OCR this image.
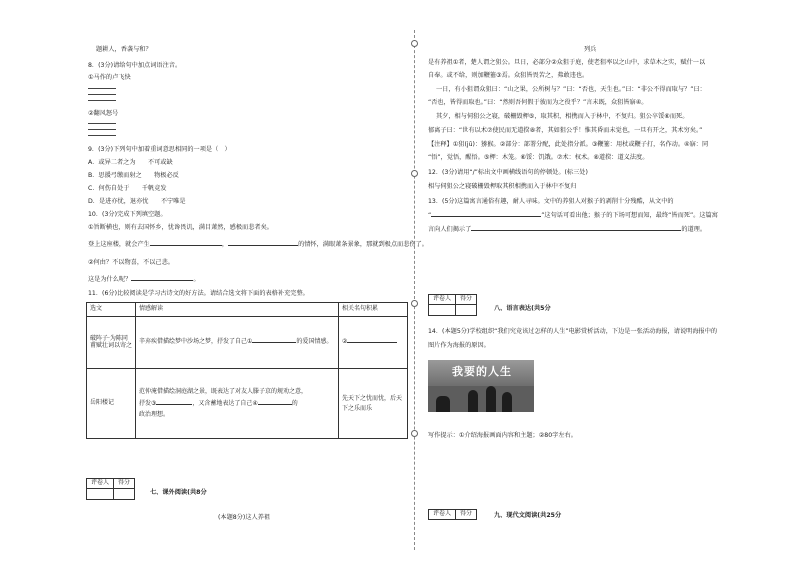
题耕人，香袭与和？
8．(3分)请给句中加点词语注音。
①马作的卢飞快
②翻风怒号
9．(3分)下列句中加着重词意思相同的一项是（　）
A．或异二者之为　　不可或缺
B．思援弓缴而射之　　物极必反
C．何伤自处于　　千帆竞发
D．是进亦忧，退亦忧　　不宁唯是
10．(3分)完成下列填空题。
①旨断横也，则有去国怀乡，忧谗畏讥，满目萧然，感极而悲者矣。
登上这座楼，就会产生	，	的情怀，满眼萧条景象，那就到极点而悲伤了。
②何由？不以物喜，不以己悲。
这是为什么呢？	。
11．(6分)比较阅读是学习古诗文的好方法。请结合选文将下面的表格补充完整。
选文	情感解读	相关名句积累
破阵子·为陈同甫赋壮词以寄之	辛弃疾借描绘梦中沙场之梦，抒发了自己① 的爱国情感。	②
岳阳楼记	范仲淹借描绘洞庭湖之景，既表达了对友人滕子京的规劝之意，
抒发③ ，又含蓄地表达了自己④ 的
政治理想。	先天下之忧而忧，后天下之乐而乐
评卷人	得分

七、课外阅读(共8分
(本题8分)这人养祖
列兵
是有养祖①者，楚人谓之狙公。旦日，必部分②众狙于庭，使老狙率以之山中，求草木之实，赋什一以
自奉。或不给，则加鞭箠③焉。众狙皆畏苦之，弗敢违也。
一日，有小狙谓众狙曰：“山之果，公所树与？”曰：“否也，天生也。”曰：“非公不得而取与？”曰：
“否也，皆得而取也。”曰：“然则吾何假于彼而为之役乎？”言未既，众狙皆寤④。
其夕，相与伺狙公之寝，破栅毁柙⑤，取其积，相携而入于林中，不复归。狙公卒馁⑥而死。
郁离子曰：“世有以术⑦使民而无道揆⑧者，其如狙公乎！惟其昏而未觉也，一旦有开之，其术穷矣。”
【注释】①狙(jū)：猕猴。②部分：部署分配，此处指分派。③鞭箠：用杖或鞭子打，名作动。④寤：同
“悟”，觉悟，醒悟。⑤柙：木笼。⑥馁：饥饿。⑦术：权术。⑧道揆：道义法度。
12．(3分)请用“/”标出文中画横线语句的停顿处。(标三处)
相与伺狙公之寝破栅毁柙取其积相携而入于林中不复归
13．(5分)这篇寓言通俗有趣，耐人寻味。文中的养狙人对猴子的剥削十分残酷，从文中的
“	”这句话可看出他；猴子的下场可想而知，最终“皆而死”。这篇寓
言向人们揭示了	的道理。
评卷人	得分

八、语言表达(共5分
14．(本题5分)学校组织“我们究竟该过怎样的人生”电影赏析活动，下边是一张活动海报，请说明海报中的
图片作为海报的原因。
写作提示：①介绍海报画面内容和主题；②80字左右。
评卷人	得分	九、现代文阅读(共25分
我要的人生
